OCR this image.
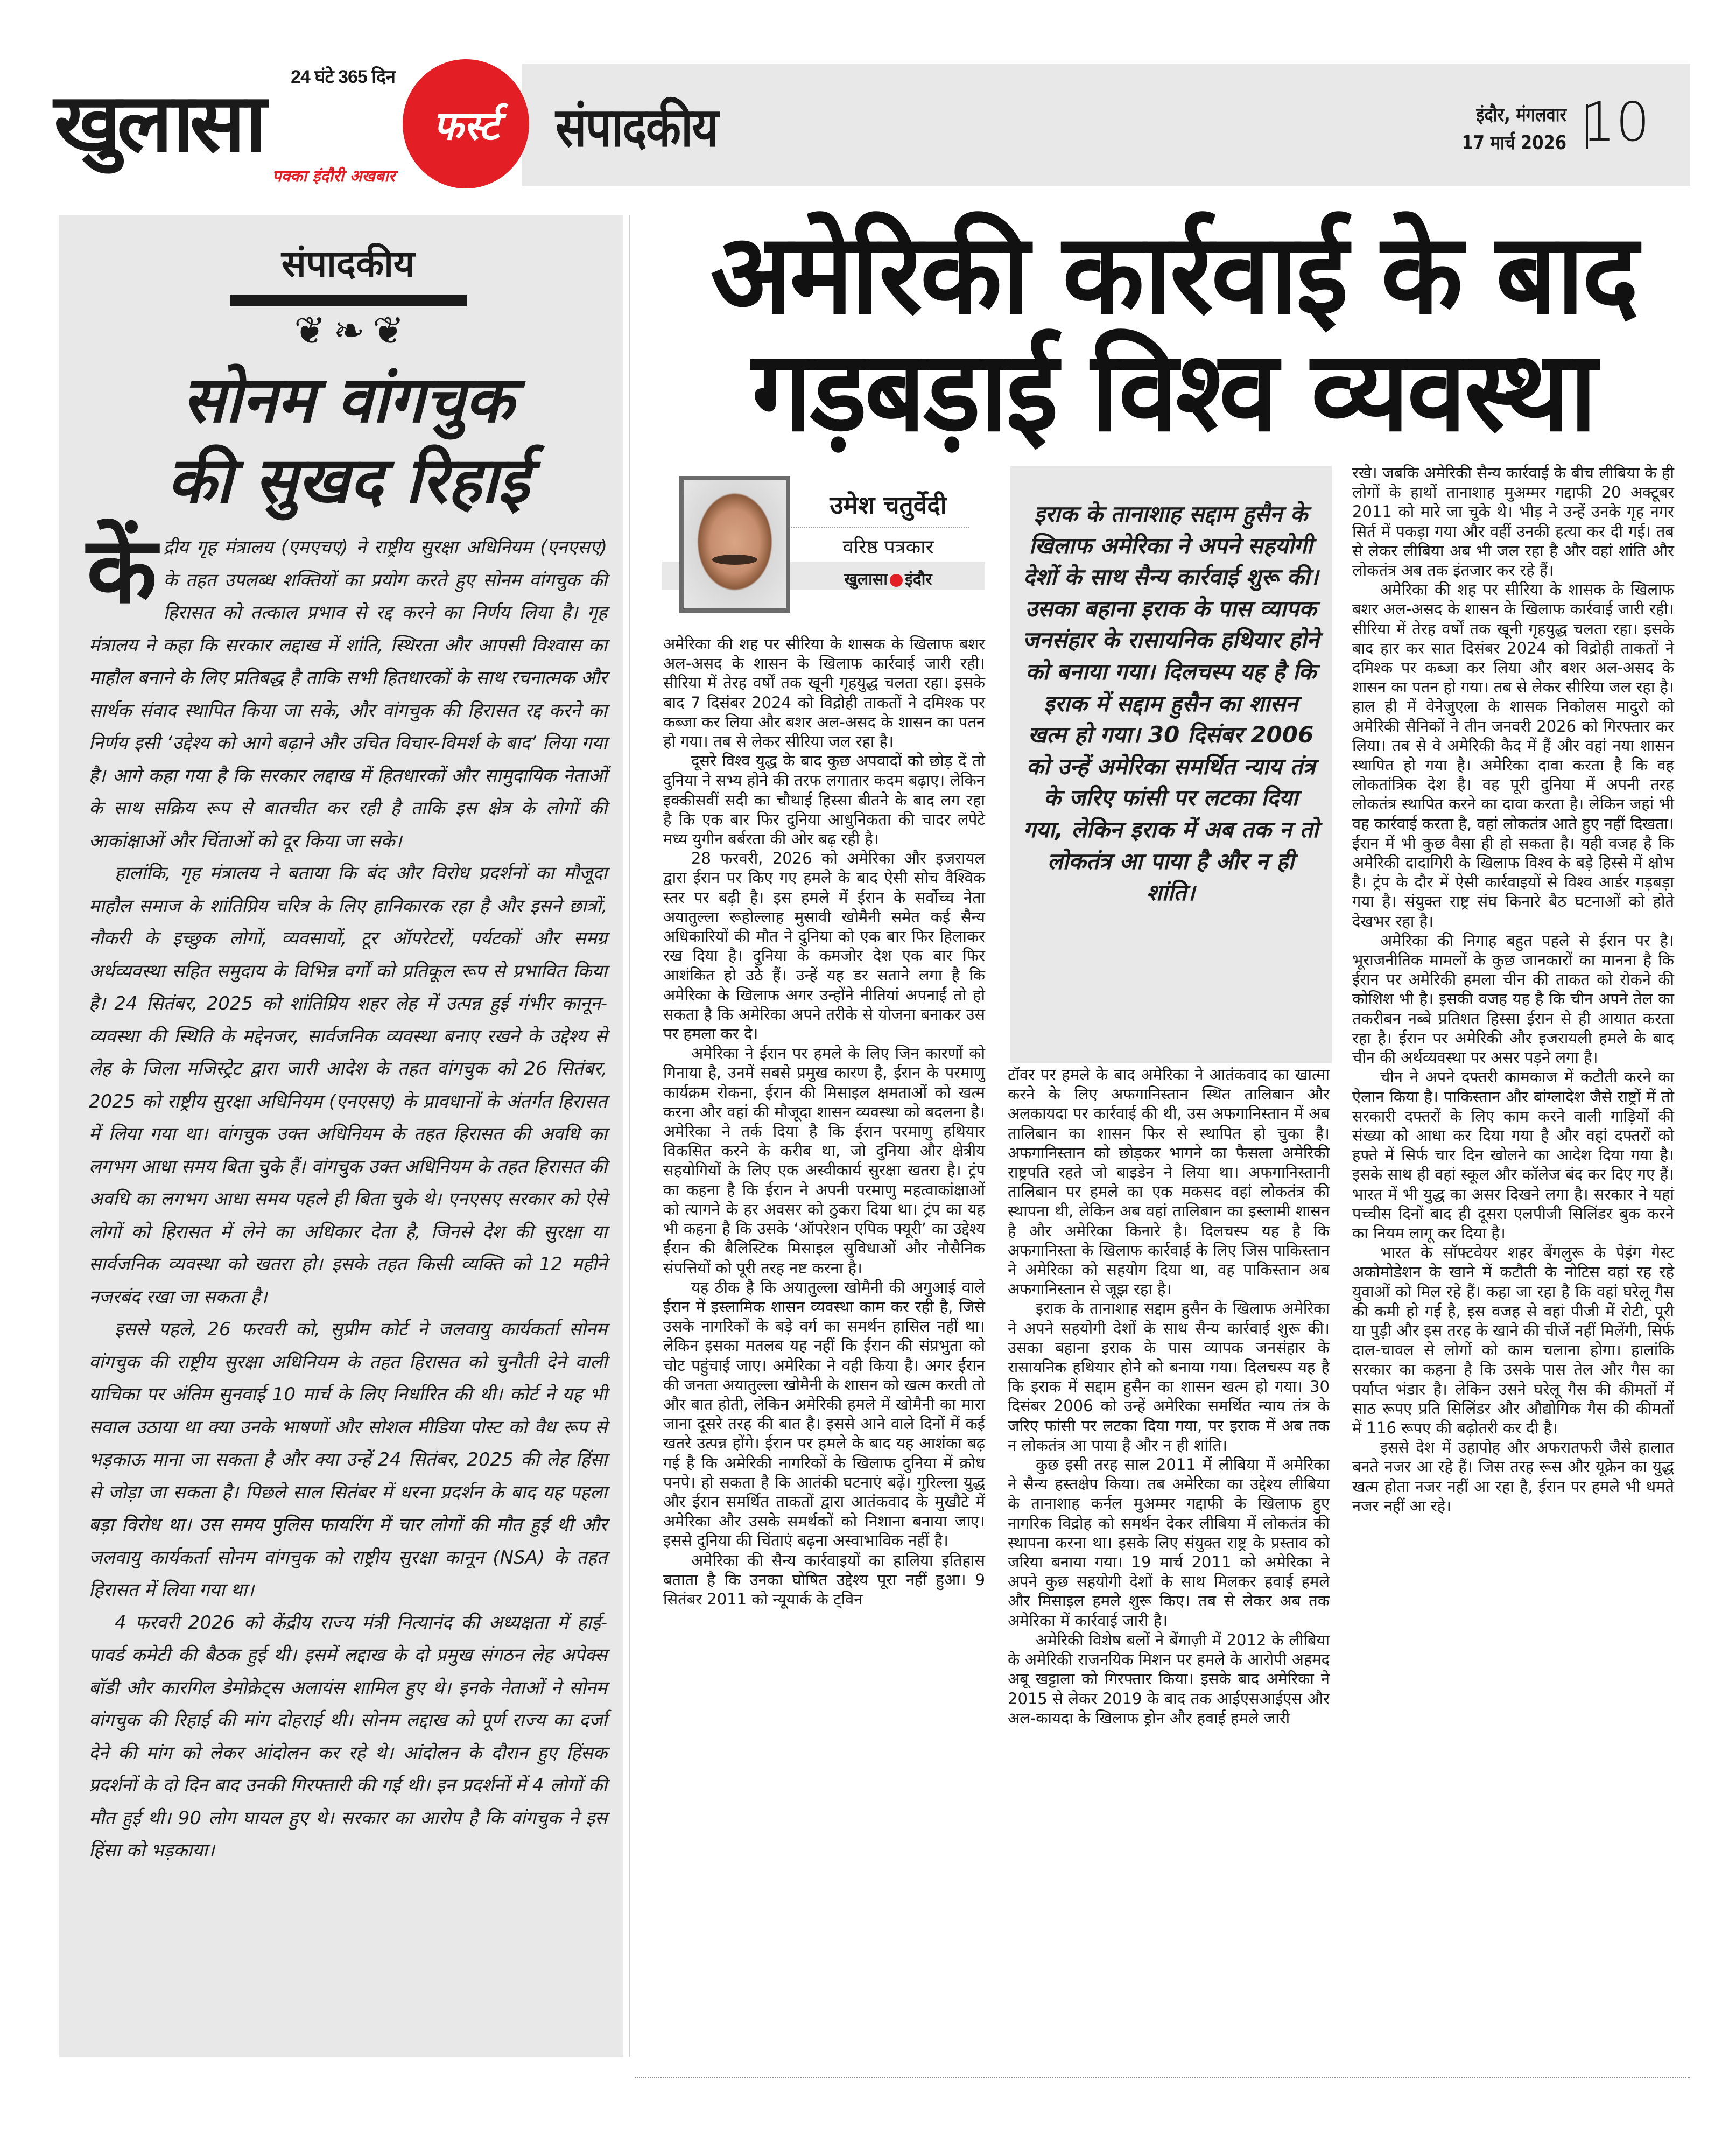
24 घंटे 365 दिन
खुलासा
पक्का इंदौरी अखबार
फर्स्ट संपादकीय	इंदौर, मंगलवार
17 मार्च 2026 10
संपादकीय
❦ ❧ ❦
सोनम वांगचुक
की सुखद रिहाई

केंद्रीय गृह मंत्रालय (एमएचए) ने राष्ट्रीय सुरक्षा अधिनियम (एनएसए) के तहत उपलब्ध शक्तियों का प्रयोग करते हुए सोनम वांगचुक की हिरासत को तत्काल प्रभाव से रद्द करने का निर्णय लिया है। गृह मंत्रालय ने कहा कि सरकार लद्दाख में शांति, स्थिरता और आपसी विश्वास का माहौल बनाने के लिए प्रतिबद्ध है ताकि सभी हितधारकों के साथ रचनात्मक और सार्थक संवाद स्थापित किया जा सके, और वांगचुक की हिरासत रद्द करने का निर्णय इसी ‘उद्देश्य को आगे बढ़ाने और उचित विचार-विमर्श के बाद’ लिया गया है। आगे कहा गया है कि सरकार लद्दाख में हितधारकों और सामुदायिक नेताओं के साथ सक्रिय रूप से बातचीत कर रही है ताकि इस क्षेत्र के लोगों की आकांक्षाओं और चिंताओं को दूर किया जा सके।

हालांकि, गृह मंत्रालय ने बताया कि बंद और विरोध प्रदर्शनों का मौजूदा माहौल समाज के शांतिप्रिय चरित्र के लिए हानिकारक रहा है और इसने छात्रों, नौकरी के इच्छुक लोगों, व्यवसायों, टूर ऑपरेटरों, पर्यटकों और समग्र अर्थव्यवस्था सहित समुदाय के विभिन्न वर्गों को प्रतिकूल रूप से प्रभावित किया है। 24 सितंबर, 2025 को शांतिप्रिय शहर लेह में उत्पन्न हुई गंभीर कानून-व्यवस्था की स्थिति के मद्देनजर, सार्वजनिक व्यवस्था बनाए रखने के उद्देश्य से लेह के जिला मजिस्ट्रेट द्वारा जारी आदेश के तहत वांगचुक को 26 सितंबर, 2025 को राष्ट्रीय सुरक्षा अधिनियम (एनएसए) के प्रावधानों के अंतर्गत हिरासत में लिया गया था। वांगचुक उक्त अधिनियम के तहत हिरासत की अवधि का लगभग आधा समय बिता चुके हैं। वांगचुक उक्त अधिनियम के तहत हिरासत की अवधि का लगभग आधा समय पहले ही बिता चुके थे। एनएसए सरकार को ऐसे लोगों को हिरासत में लेने का अधिकार देता है, जिनसे देश की सुरक्षा या सार्वजनिक व्यवस्था को खतरा हो। इसके तहत किसी व्यक्ति को 12 महीने नजरबंद रखा जा सकता है।

इससे पहले, 26 फरवरी को, सुप्रीम कोर्ट ने जलवायु कार्यकर्ता सोनम वांगचुक की राष्ट्रीय सुरक्षा अधिनियम के तहत हिरासत को चुनौती देने वाली याचिका पर अंतिम सुनवाई 10 मार्च के लिए निर्धारित की थी। कोर्ट ने यह भी सवाल उठाया था क्या उनके भाषणों और सोशल मीडिया पोस्ट को वैध रूप से भड़काऊ माना जा सकता है और क्या उन्हें 24 सितंबर, 2025 की लेह हिंसा से जोड़ा जा सकता है। पिछले साल सितंबर में धरना प्रदर्शन के बाद यह पहला बड़ा विरोध था। उस समय पुलिस फायरिंग में चार लोगों की मौत हुई थी और जलवायु कार्यकर्ता सोनम वांगचुक को राष्ट्रीय सुरक्षा कानून (NSA) के तहत हिरासत में लिया गया था।

4 फरवरी 2026 को केंद्रीय राज्य मंत्री नित्यानंद की अध्यक्षता में हाई-पावर्ड कमेटी की बैठक हुई थी। इसमें लद्दाख के दो प्रमुख संगठन लेह अपेक्स बॉडी और कारगिल डेमोक्रेट्स अलायंस शामिल हुए थे। इनके नेताओं ने सोनम वांगचुक की रिहाई की मांग दोहराई थी। सोनम लद्दाख को पूर्ण राज्य का दर्जा देने की मांग को लेकर आंदोलन कर रहे थे। आंदोलन के दौरान हुए हिंसक प्रदर्शनों के दो दिन बाद उनकी गिरफ्तारी की गई थी। इन प्रदर्शनों में 4 लोगों की मौत हुई थी। 90 लोग घायल हुए थे। सरकार का आरोप है कि वांगचुक ने इस हिंसा को भड़काया।

अमेरिकी कार्रवाई के बाद
गड़बड़ाई विश्व व्यवस्था
उमेश चतुर्वेदी
वरिष्ठ पत्रकार
खुलासा इंदौर
इराक के तानाशाह सद्दाम हुसैन के खिलाफ अमेरिका ने अपने सहयोगी देशों के साथ सैन्य कार्रवाई शुरू की। उसका बहाना इराक के पास व्यापक जनसंहार के रासायनिक हथियार होने को बनाया गया। दिलचस्प यह है कि इराक में सद्दाम हुसैन का शासन खत्म हो गया। 30 दिसंबर 2006 को उन्हें अमेरिका समर्थित न्याय तंत्र के जरिए फांसी पर लटका दिया गया, लेकिन इराक में अब तक न तो लोकतंत्र आ पाया है और न ही शांति।

अमेरिका की शह पर सीरिया के शासक के खिलाफ बशर अल-असद के शासन के खिलाफ कार्रवाई जारी रही। सीरिया में तेरह वर्षों तक खूनी गृहयुद्ध चलता रहा। इसके बाद 7 दिसंबर 2024 को विद्रोही ताकतों ने दमिश्क पर कब्जा कर लिया और बशर अल-असद के शासन का पतन हो गया। तब से लेकर सीरिया जल रहा है।

दूसरे विश्व युद्ध के बाद कुछ अपवादों को छोड़ दें तो दुनिया ने सभ्य होने की तरफ लगातार कदम बढ़ाए। लेकिन इक्कीसवीं सदी का चौथाई हिस्सा बीतने के बाद लग रहा है कि एक बार फिर दुनिया आधुनिकता की चादर लपेटे मध्य युगीन बर्बरता की ओर बढ़ रही है।

28 फरवरी, 2026 को अमेरिका और इजरायल द्वारा ईरान पर किए गए हमले के बाद ऐसी सोच वैश्विक स्तर पर बढ़ी है। इस हमले में ईरान के सर्वोच्च नेता अयातुल्ला रूहोल्लाह मुसावी खोमैनी समेत कई सैन्य अधिकारियों की मौत ने दुनिया को एक बार फिर हिलाकर रख दिया है। दुनिया के कमजोर देश एक बार फिर आशंकित हो उठे हैं। उन्हें यह डर सताने लगा है कि अमेरिका के खिलाफ अगर उन्होंने नीतियां अपनाईं तो हो सकता है कि अमेरिका अपने तरीके से योजना बनाकर उस पर हमला कर दे।

अमेरिका ने ईरान पर हमले के लिए जिन कारणों को गिनाया है, उनमें सबसे प्रमुख कारण है, ईरान के परमाणु कार्यक्रम रोकना, ईरान की मिसाइल क्षमताओं को खत्म करना और वहां की मौजूदा शासन व्यवस्था को बदलना है। अमेरिका ने तर्क दिया है कि ईरान परमाणु हथियार विकसित करने के करीब था, जो दुनिया और क्षेत्रीय सहयोगियों के लिए एक अस्वीकार्य सुरक्षा खतरा है। ट्रंप का कहना है कि ईरान ने अपनी परमाणु महत्वाकांक्षाओं को त्यागने के हर अवसर को ठुकरा दिया था। ट्रंप का यह भी कहना है कि उसके ‘ऑपरेशन एपिक फ्यूरी’ का उद्देश्य ईरान की बैलिस्टिक मिसाइल सुविधाओं और नौसैनिक संपत्तियों को पूरी तरह नष्ट करना है।

यह ठीक है कि अयातुल्ला खोमैनी की अगुआई वाले ईरान में इस्लामिक शासन व्यवस्था काम कर रही है, जिसे उसके नागरिकों के बड़े वर्ग का समर्थन हासिल नहीं था। लेकिन इसका मतलब यह नहीं कि ईरान की संप्रभुता को चोट पहुंचाई जाए। अमेरिका ने वही किया है। अगर ईरान की जनता अयातुल्ला खोमैनी के शासन को खत्म करती तो और बात होती, लेकिन अमेरिकी हमले में खोमैनी का मारा जाना दूसरे तरह की बात है। इससे आने वाले दिनों में कई खतरे उत्पन्न होंगे। ईरान पर हमले के बाद यह आशंका बढ़ गई है कि अमेरिकी नागरिकों के खिलाफ दुनिया में क्रोध पनपे। हो सकता है कि आतंकी घटनाएं बढ़ें। गुरिल्ला युद्ध और ईरान समर्थित ताकतों द्वारा आतंकवाद के मुखौटे में अमेरिका और उसके समर्थकों को निशाना बनाया जाए। इससे दुनिया की चिंताएं बढ़ना अस्वाभाविक नहीं है।

अमेरिका की सैन्य कार्रवाइयों का हालिया इतिहास बताता है कि उनका घोषित उद्देश्य पूरा नहीं हुआ। 9 सितंबर 2011 को न्यूयार्क के ट्विन

टॉवर पर हमले के बाद अमेरिका ने आतंकवाद का खात्मा करने के लिए अफगानिस्तान स्थित तालिबान और अलकायदा पर कार्रवाई की थी, उस अफगानिस्तान में अब तालिबान का शासन फिर से स्थापित हो चुका है। अफगानिस्तान को छोड़कर भागने का फैसला अमेरिकी राष्ट्रपति रहते जो बाइडेन ने लिया था। अफगानिस्तानी तालिबान पर हमले का एक मकसद वहां लोकतंत्र की स्थापना थी, लेकिन अब वहां तालिबान का इस्लामी शासन है और अमेरिका किनारे है। दिलचस्प यह है कि अफगानिस्ता के खिलाफ कार्रवाई के लिए जिस पाकिस्तान ने अमेरिका को सहयोग दिया था, वह पाकिस्तान अब अफगानिस्तान से जूझ रहा है।

इराक के तानाशाह सद्दाम हुसैन के खिलाफ अमेरिका ने अपने सहयोगी देशों के साथ सैन्य कार्रवाई शुरू की। उसका बहाना इराक के पास व्यापक जनसंहार के रासायनिक हथियार होने को बनाया गया। दिलचस्प यह है कि इराक में सद्दाम हुसैन का शासन खत्म हो गया। 30 दिसंबर 2006 को उन्हें अमेरिका समर्थित न्याय तंत्र के जरिए फांसी पर लटका दिया गया, पर इराक में अब तक न लोकतंत्र आ पाया है और न ही शांति।

कुछ इसी तरह साल 2011 में लीबिया में अमेरिका ने सैन्य हस्तक्षेप किया। तब अमेरिका का उद्देश्य लीबिया के तानाशाह कर्नल मुअम्मर गद्दाफी के खिलाफ हुए नागरिक विद्रोह को समर्थन देकर लीबिया में लोकतंत्र की स्थापना करना था। इसके लिए संयुक्त राष्ट्र के प्रस्ताव को जरिया बनाया गया। 19 मार्च 2011 को अमेरिका ने अपने कुछ सहयोगी देशों के साथ मिलकर हवाई हमले और मिसाइल हमले शुरू किए। तब से लेकर अब तक अमेरिका में कार्रवाई जारी है।

अमेरिकी विशेष बलों ने बेंगाज़ी में 2012 के लीबिया के अमेरिकी राजनयिक मिशन पर हमले के आरोपी अहमद अबू खट्टाला को गिरफ्तार किया। इसके बाद अमेरिका ने 2015 से लेकर 2019 के बाद तक आईएसआईएस और अल-कायदा के खिलाफ ड्रोन और हवाई हमले जारी

रखे। जबकि अमेरिकी सैन्य कार्रवाई के बीच लीबिया के ही लोगों के हाथों तानाशाह मुअम्मर गद्दाफी 20 अक्टूबर 2011 को मारे जा चुके थे। भीड़ ने उन्हें उनके गृह नगर सिर्त में पकड़ा गया और वहीं उनकी हत्या कर दी गई। तब से लेकर लीबिया अब भी जल रहा है और वहां शांति और लोकतंत्र अब तक इंतजार कर रहे हैं।

अमेरिका की शह पर सीरिया के शासक के खिलाफ बशर अल-असद के शासन के खिलाफ कार्रवाई जारी रही। सीरिया में तेरह वर्षों तक खूनी गृहयुद्ध चलता रहा। इसके बाद हार कर सात दिसंबर 2024 को विद्रोही ताकतों ने दमिश्क पर कब्जा कर लिया और बशर अल-असद के शासन का पतन हो गया। तब से लेकर सीरिया जल रहा है। हाल ही में वेनेजुएला के शासक निकोलस मादुरो को अमेरिकी सैनिकों ने तीन जनवरी 2026 को गिरफ्तार कर लिया। तब से वे अमेरिकी कैद में हैं और वहां नया शासन स्थापित हो गया है। अमेरिका दावा करता है कि वह लोकतांत्रिक देश है। वह पूरी दुनिया में अपनी तरह लोकतंत्र स्थापित करने का दावा करता है। लेकिन जहां भी वह कार्रवाई करता है, वहां लोकतंत्र आते हुए नहीं दिखता। ईरान में भी कुछ वैसा ही हो सकता है। यही वजह है कि अमेरिकी दादागिरी के खिलाफ विश्व के बड़े हिस्से में क्षोभ है। ट्रंप के दौर में ऐसी कार्रवाइयों से विश्व आर्डर गड़बड़ा गया है। संयुक्त राष्ट्र संघ किनारे बैठ घटनाओं को होते देखभर रहा है।

अमेरिका की निगाह बहुत पहले से ईरान पर है। भूराजनीतिक मामलों के कुछ जानकारों का मानना है कि ईरान पर अमेरिकी हमला चीन की ताकत को रोकने की कोशिश भी है। इसकी वजह यह है कि चीन अपने तेल का तकरीबन नब्बे प्रतिशत हिस्सा ईरान से ही आयात करता रहा है। ईरान पर अमेरिकी और इजरायली हमले के बाद चीन की अर्थव्यवस्था पर असर पड़ने लगा है।

चीन ने अपने दफ्तरी कामकाज में कटौती करने का ऐलान किया है। पाकिस्तान और बांग्लादेश जैसे राष्ट्रों में तो सरकारी दफ्तरों के लिए काम करने वाली गाड़ियों की संख्या को आधा कर दिया गया है और वहां दफ्तरों को हफ्ते में सिर्फ चार दिन खोलने का आदेश दिया गया है। इसके साथ ही वहां स्कूल और कॉलेज बंद कर दिए गए हैं। भारत में भी युद्ध का असर दिखने लगा है। सरकार ने यहां पच्चीस दिनों बाद ही दूसरा एलपीजी सिलिंडर बुक करने का नियम लागू कर दिया है।

भारत के सॉफ्टवेयर शहर बेंगलुरू के पेइंग गेस्ट अकोमोडेशन के खाने में कटौती के नोटिस वहां रह रहे युवाओं को मिल रहे हैं। कहा जा रहा है कि वहां घरेलू गैस की कमी हो गई है, इस वजह से वहां पीजी में रोटी, पूरी या पुड़ी और इस तरह के खाने की चीजें नहीं मिलेंगी, सिर्फ दाल-चावल से लोगों को काम चलाना होगा। हालांकि सरकार का कहना है कि उसके पास तेल और गैस का पर्याप्त भंडार है। लेकिन उसने घरेलू गैस की कीमतों में साठ रूपए प्रति सिलिंडर और औद्योगिक गैस की कीमतों में 116 रूपए की बढ़ोतरी कर दी है।

इससे देश में उहापोह और अफरातफरी जैसे हालात बनते नजर आ रहे हैं। जिस तरह रूस और यूक्रेन का युद्ध खत्म होता नजर नहीं आ रहा है, ईरान पर हमले भी थमते नजर नहीं आ रहे।
